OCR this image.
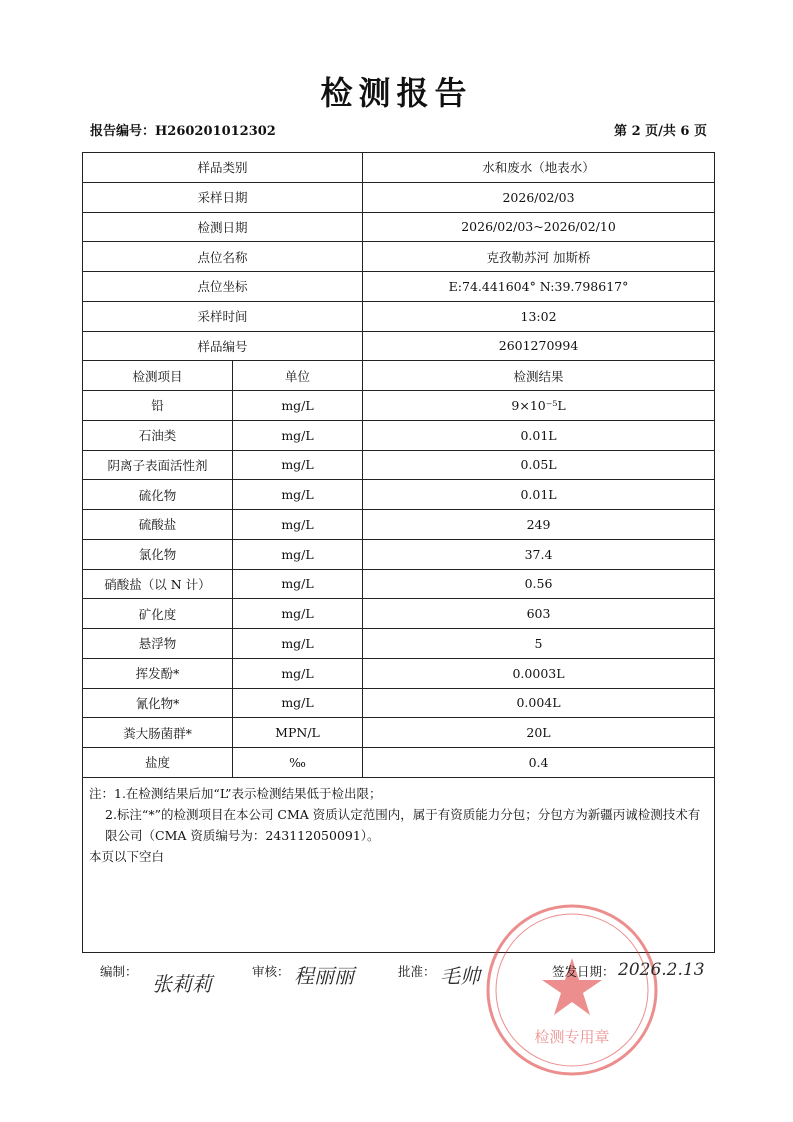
检测报告
报告编号：H260201012302	第 2 页/共 6 页
样品类别		水和废水（地表水）
采样日期		2026/02/03
检测日期		2026/02/03~2026/02/10
点位名称		克孜勒苏河 加斯桥
点位坐标		E:74.441604° N:39.798617°
采样时间		13:02
样品编号		2601270994
检测项目	单位	检测结果
铅	mg/L	9×10⁻⁵L
石油类	mg/L	0.01L
阴离子表面活性剂	mg/L	0.05L
硫化物	mg/L	0.01L
硫酸盐	mg/L	249
氯化物	mg/L	37.4
硝酸盐（以 N 计）	mg/L	0.56
矿化度	mg/L	603
悬浮物	mg/L	5
挥发酚*	mg/L	0.0003L
氰化物*	mg/L	0.004L
粪大肠菌群*	MPN/L	20L
盐度	‰	0.4

注：1.在检测结果后加“L”表示检测结果低于检出限；
2.标注“*”的检测项目在本公司 CMA 资质认定范围内，属于有资质能力分包；分包方为新疆丙诚检测技术有限公司（CMA 资质编号为：243112050091）。
本页以下空白		
检测专用章
编制：
张莉莉
审核： 程丽丽	批准： 毛帅	签发日期： 2026.2.13
